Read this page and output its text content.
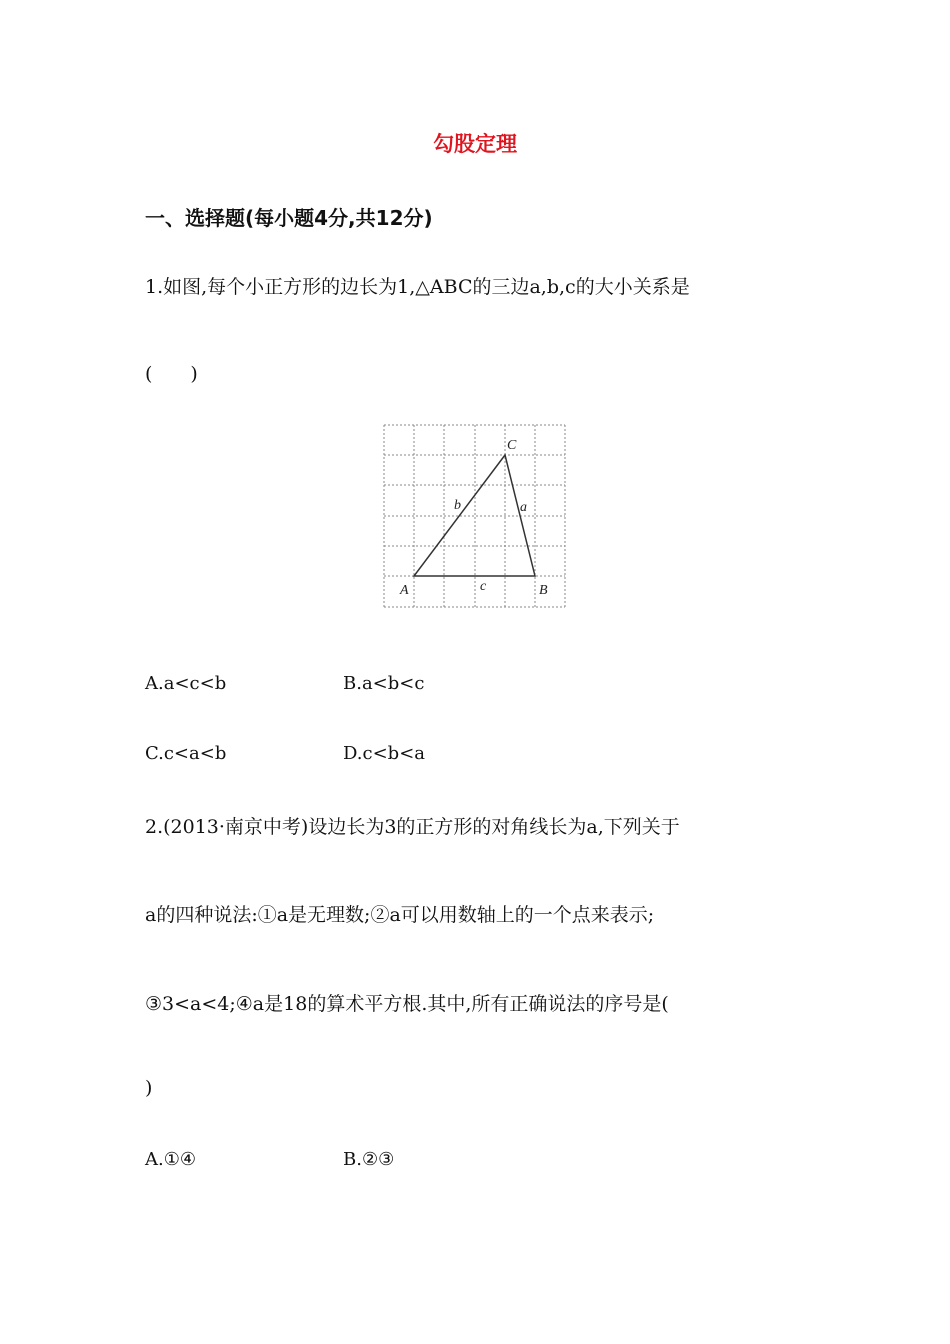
勾股定理
一、选择题(每小题4分,共12分)
1.如图,每个小正方形的边长为1,△ABC的三边a,b,c的大小关系是
(　　)
C
b	a
A	c	B
A.a<c<b	B.a<b<c
C.c<a<b	D.c<b<a
2.(2013·南京中考)设边长为3的正方形的对角线长为a,下列关于
a的四种说法:①a是无理数;②a可以用数轴上的一个点来表示;
③3<a<4;④a是18的算术平方根.其中,所有正确说法的序号是(
)
A.①④	B.②③
